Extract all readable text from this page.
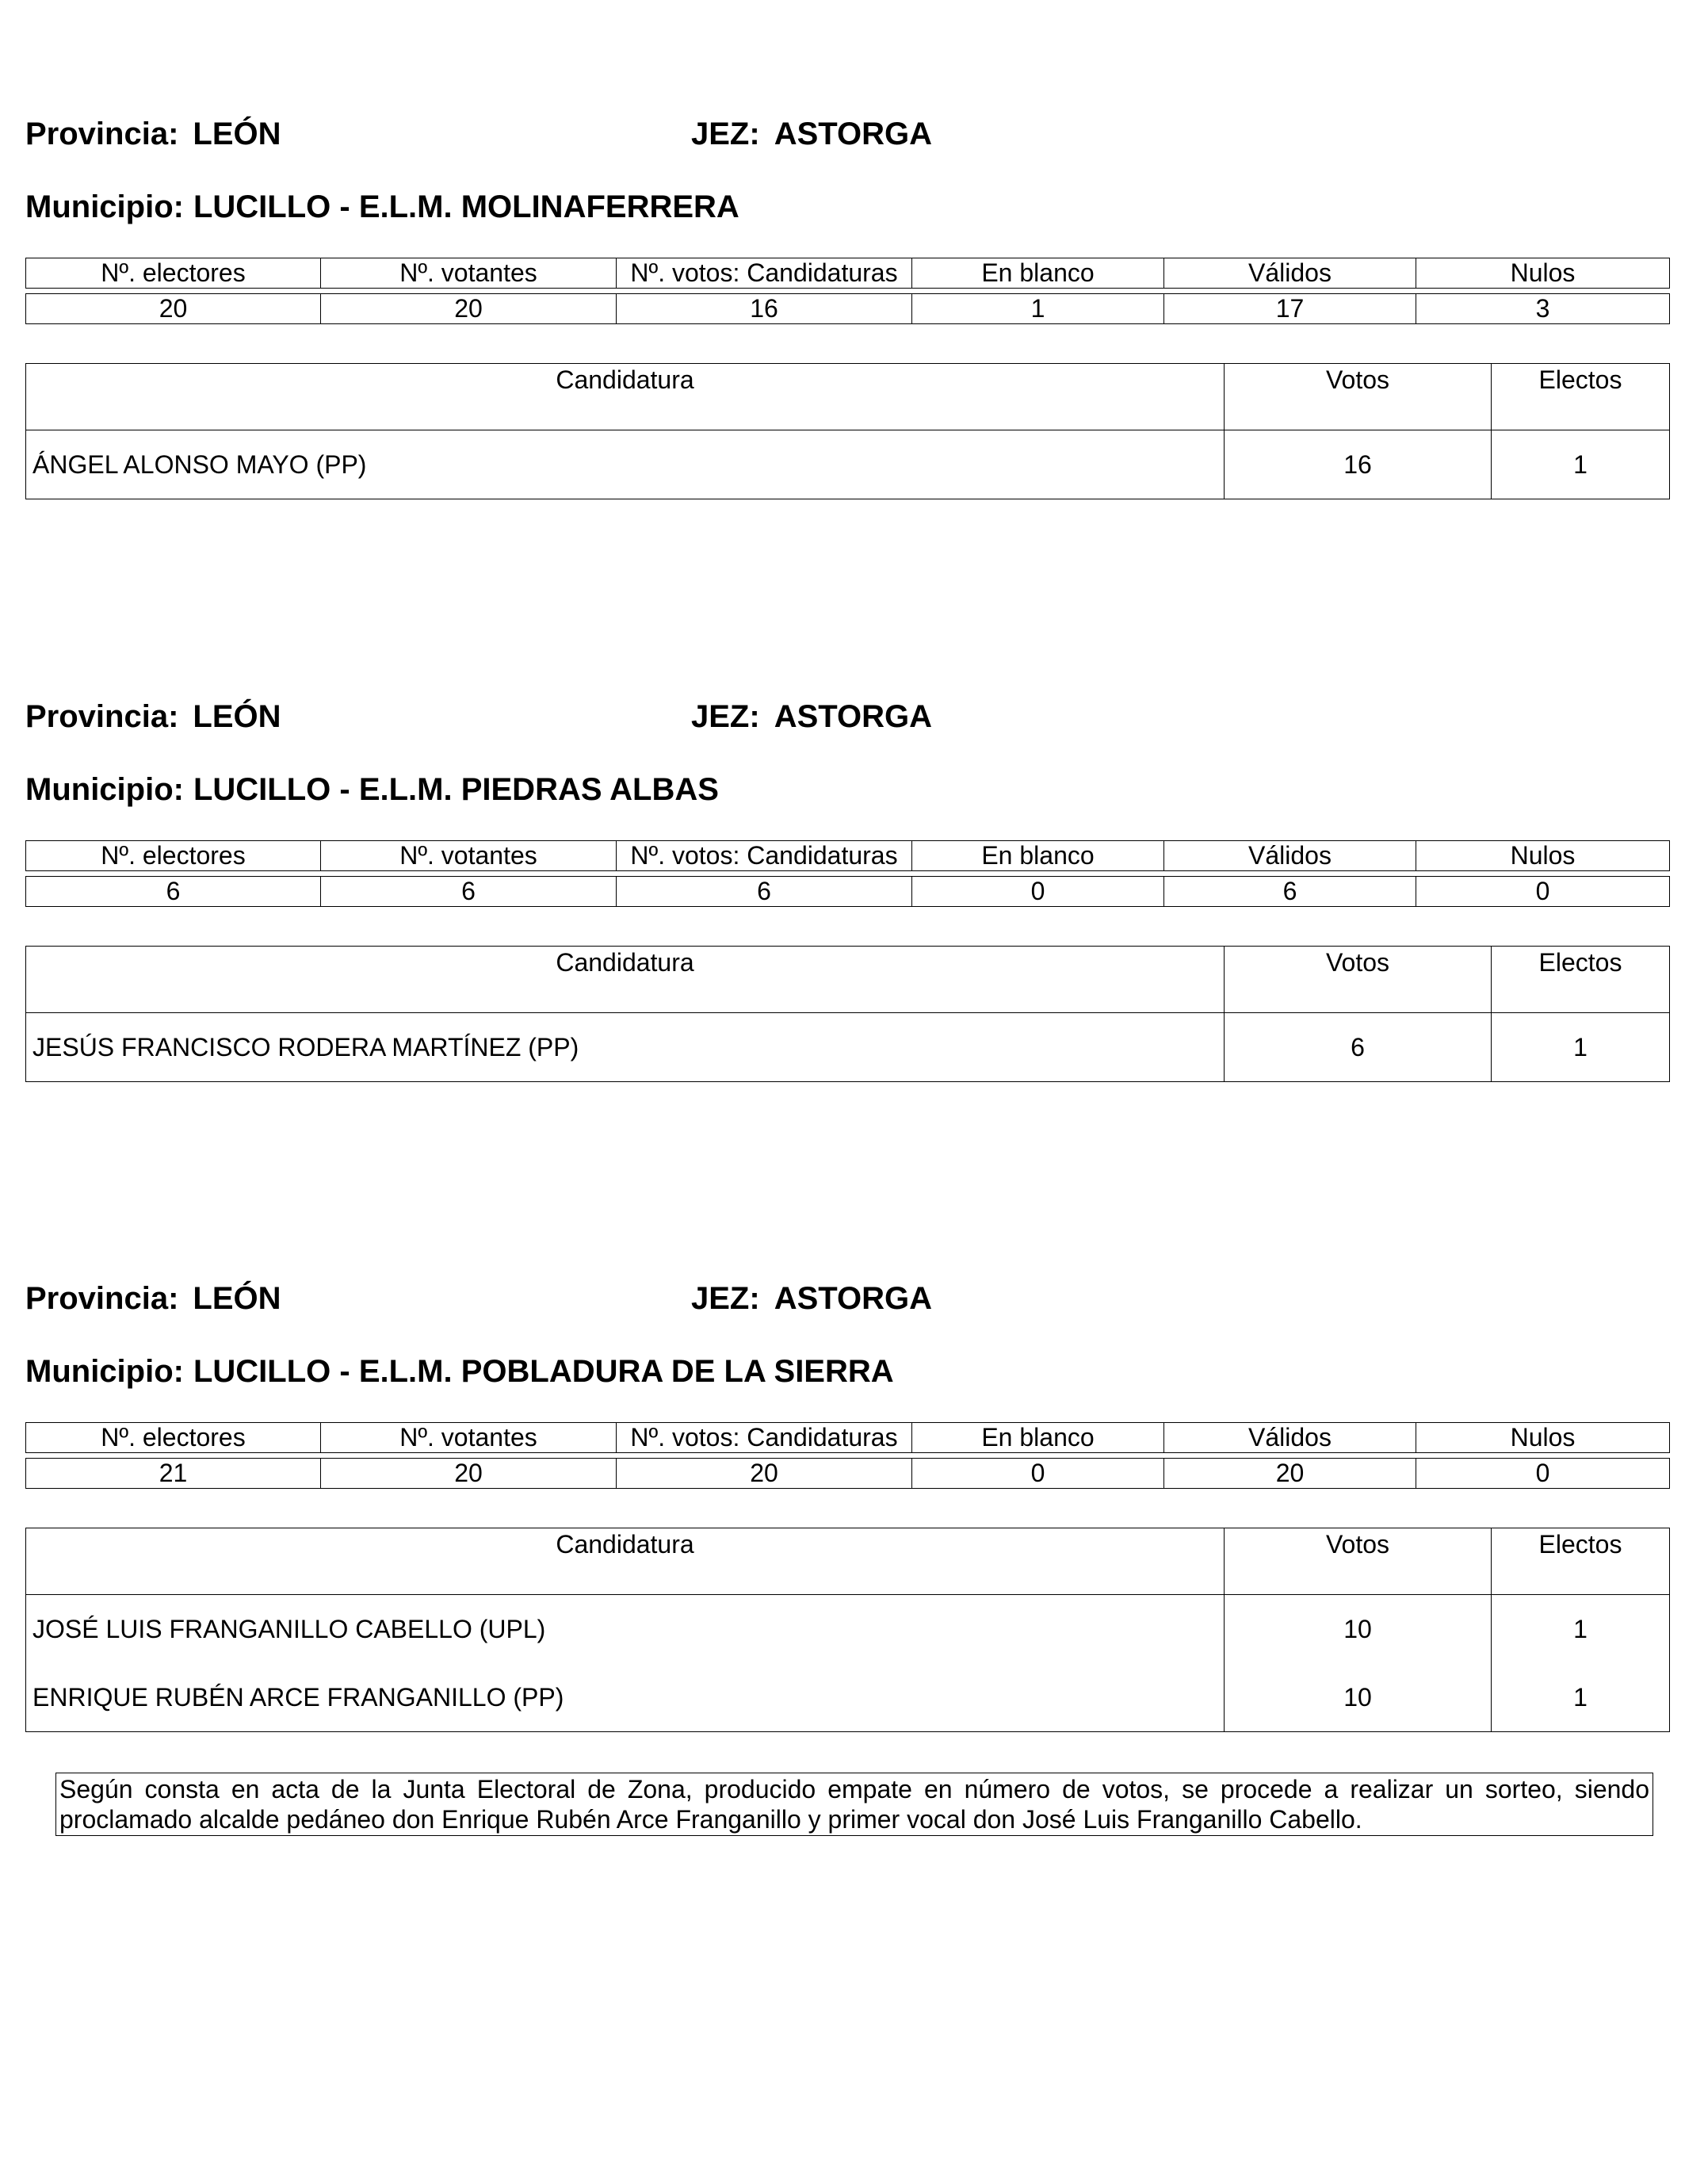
Provincia: LEÓN	JEZ: ASTORGA
Municipio: LUCILLO - E.L.M. MOLINAFERRERA
Nº. electores	Nº. votantes	Nº. votos: Candidaturas	En blanco	Válidos	Nulos

20	20	16	1	17	3
Candidatura	Votos	Electos
ÁNGEL ALONSO MAYO (PP)	16	1
Provincia: LEÓN	JEZ: ASTORGA
Municipio: LUCILLO - E.L.M. PIEDRAS ALBAS
Nº. electores	Nº. votantes	Nº. votos: Candidaturas	En blanco	Válidos	Nulos

6	6	6	0	6	0
Candidatura	Votos	Electos
JESÚS FRANCISCO RODERA MARTÍNEZ (PP)	6	1
Provincia: LEÓN	JEZ: ASTORGA
Municipio: LUCILLO - E.L.M. POBLADURA DE LA SIERRA
Nº. electores	Nº. votantes	Nº. votos: Candidaturas	En blanco	Válidos	Nulos

21	20	20	0	20	0
Candidatura	Votos	Electos
JOSÉ LUIS FRANGANILLO CABELLO (UPL)	10	1
ENRIQUE RUBÉN ARCE FRANGANILLO (PP)	10	1
Según consta en acta de la Junta Electoral de Zona, producido empate en número de votos, se procede a realizar un sorteo, siendo proclamado alcalde pedáneo don Enrique Rubén Arce Franganillo y primer vocal don José Luis Franganillo Cabello.
